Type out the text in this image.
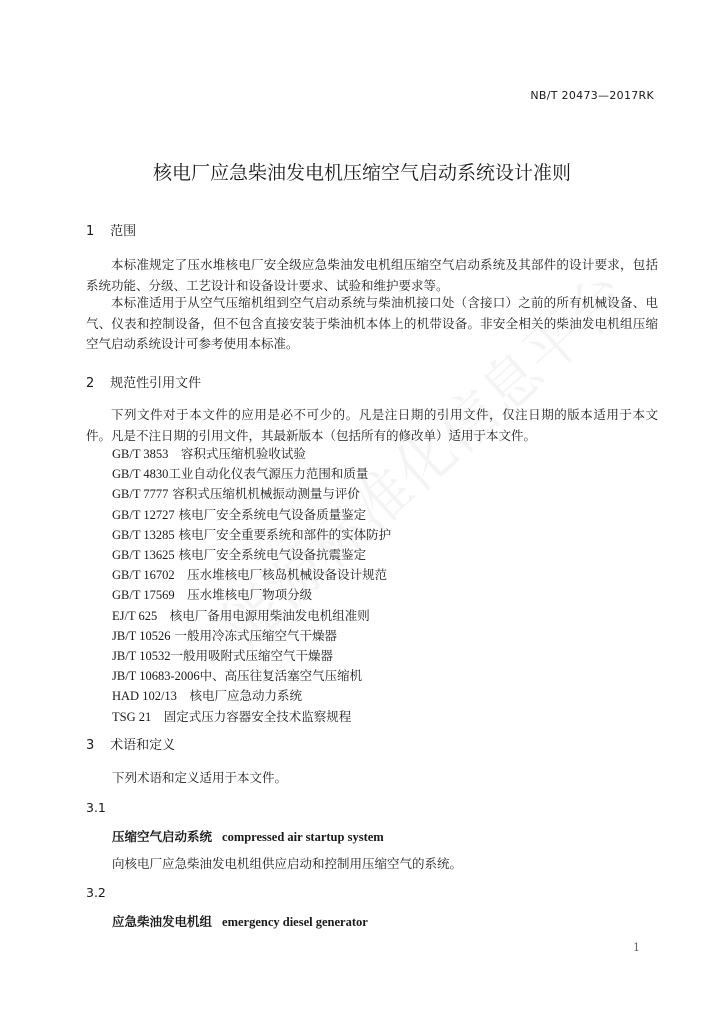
NB/T 20473—2017RK
核电厂应急柴油发电机压缩空气启动系统设计准则
1 范围
本标准规定了压水堆核电厂安全级应急柴油发电机组压缩空气启动系统及其部件的设计要求，包括系统功能、分级、工艺设计和设备设计要求、试验和维护要求等。
本标准适用于从空气压缩机组到空气启动系统与柴油机接口处（含接口）之前的所有机械设备、电气、仪表和控制设备，但不包含直接安装于柴油机本体上的机带设备。非安全相关的柴油发电机组压缩空气启动系统设计可参考使用本标准。
2 规范性引用文件
下列文件对于本文件的应用是必不可少的。凡是注日期的引用文件，仅注日期的版本适用于本文件。凡是不注日期的引用文件，其最新版本（包括所有的修改单）适用于本文件。
GB/T 3853　 容积式压缩机验收试验
GB/T 4830工业自动化仪表气源压力范围和质量
GB/T 7777 容积式压缩机机械振动测量与评价
GB/T 12727 核电厂安全系统电气设备质量鉴定
GB/T 13285 核电厂安全重要系统和部件的实体防护
GB/T 13625 核电厂安全系统电气设备抗震鉴定
GB/T 16702　 压水堆核电厂核岛机械设备设计规范
GB/T 17569　 压水堆核电厂物项分级
EJ/T 625　 核电厂备用电源用柴油发电机组准则
JB/T 10526 一般用冷冻式压缩空气干燥器
JB/T 10532一般用吸附式压缩空气干燥器
JB/T 10683-2006中、高压往复活塞空气压缩机
HAD 102/13　 核电厂应急动力系统
TSG 21　 固定式压力容器安全技术监察规程
3 术语和定义
下列术语和定义适用于本文件。
3.1
压缩空气启动系统 compressed air startup system
向核电厂应急柴油发电机组供应启动和控制用压缩空气的系统。
3.2
应急柴油发电机组 emergency diesel generator
1
